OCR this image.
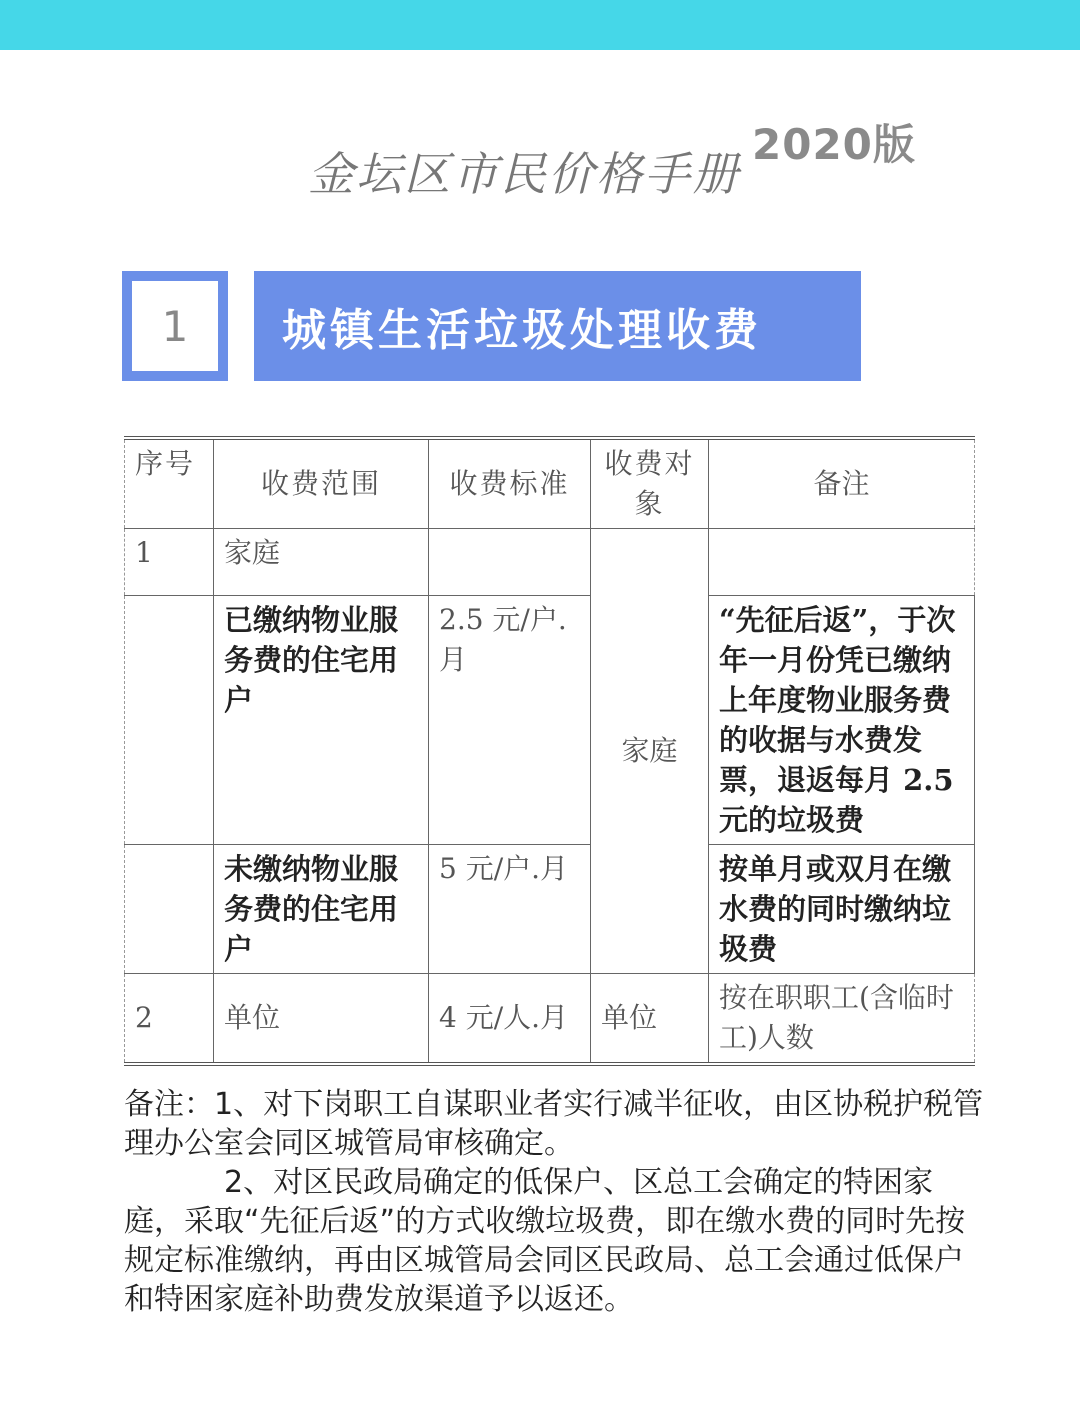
金坛区市民价格手册
2020版
1	城镇生活垃圾处理收费
序号	收费范围	收费标准	收费对象	备注
1	家庭		家庭	
	已缴纳物业服务费的住宅用户	2.5 元/户.月		“先征后返”，于次年一月份凭已缴纳上年度物业服务费的收据与水费发票，退返每月 2.5 元的垃圾费
	未缴纳物业服务费的住宅用户	5 元/户.月		按单月或双月在缴水费的同时缴纳垃圾费
2	单位	4 元/人.月	单位	按在职职工(含临时工)人数

备注：1、对下岗职工自谋职业者实行减半征收，由区协税护税管理办公室会同区城管局审核确定。

2、对区民政局确定的低保户、区总工会确定的特困家庭，采取“先征后返”的方式收缴垃圾费，即在缴水费的同时先按规定标准缴纳，再由区城管局会同区民政局、总工会通过低保户和特困家庭补助费发放渠道予以返还。
